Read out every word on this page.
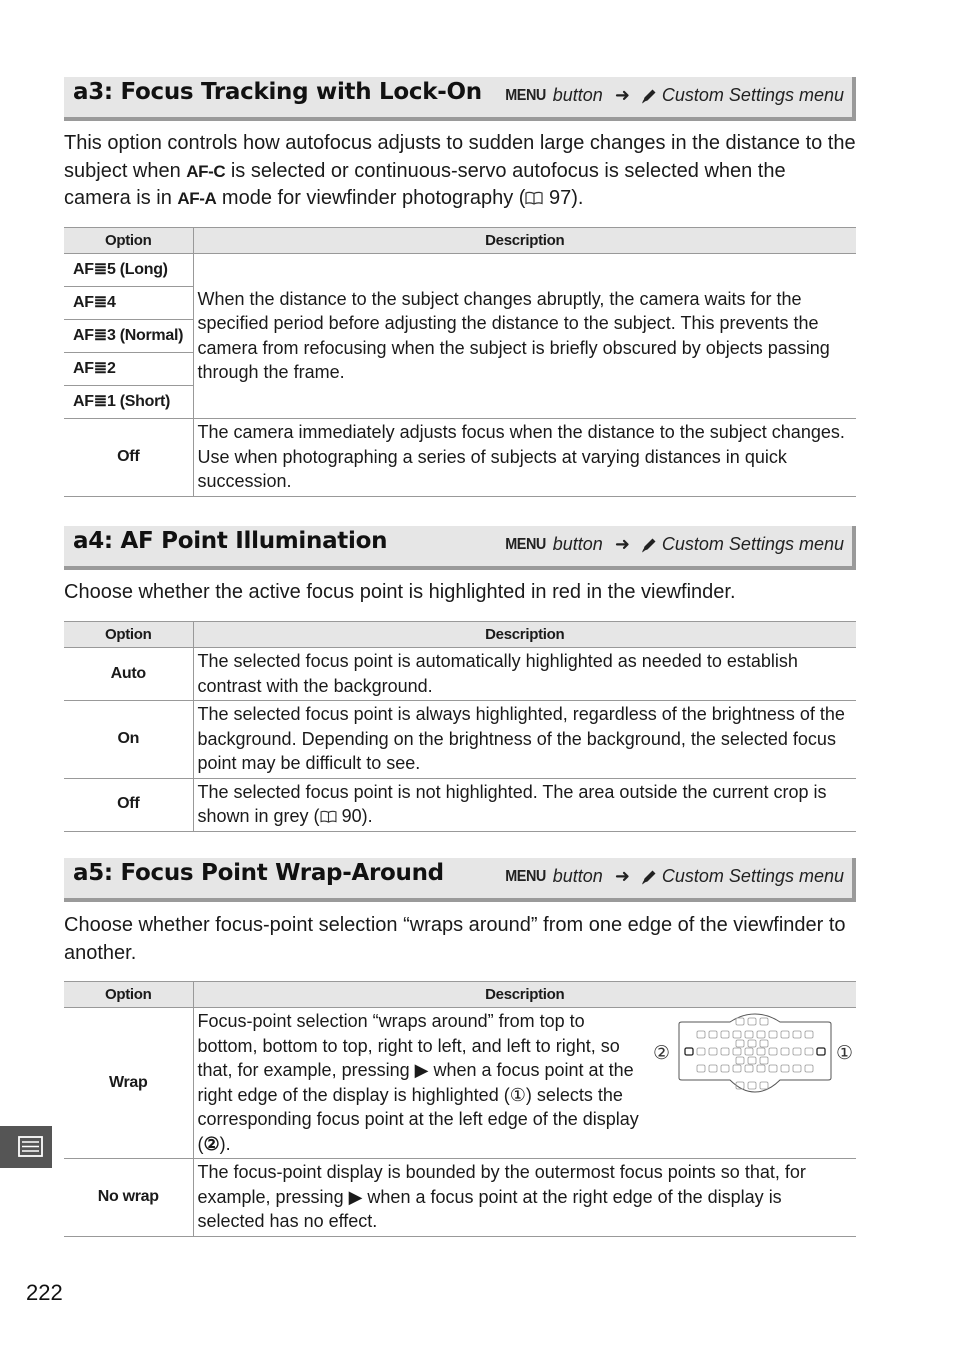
a3: Focus Tracking with Lock-On MENU
button ➜ Custom Settings menu
This option controls how autofocus adjusts to sudden large changes in the distance to the subject when AF-C is selected or continuous-servo autofocus is selected when the camera is in AF-A mode for viewfinder photography ( 97).
Option	Description
AF≣5 (Long)	When the distance to the subject changes abruptly, the camera waits for the specified period before adjusting the distance to the subject. This prevents the camera from refocusing when the subject is briefly obscured by objects passing through the frame.
AF≣4	
AF≣3 (Normal)	
AF≣2	
AF≣1 (Short)	
Off	The camera immediately adjusts focus when the distance to the subject changes. Use when photographing a series of subjects at varying distances in quick succession.
a4: AF Point Illumination	MENU
button ➜ Custom Settings menu
Choose whether the active focus point is highlighted in red in the viewfinder.
Option	Description
Auto	The selected focus point is automatically highlighted as needed to establish contrast with the background.
On	The selected focus point is always highlighted, regardless of the brightness of the background. Depending on the brightness of the background, the selected focus point may be difficult to see.
Off	The selected focus point is not highlighted. The area outside the current crop is shown in grey ( 90).
a5: Focus Point Wrap-Around	MENU
button ➜ Custom Settings menu
Choose whether focus-point selection “wraps around” from one edge of the viewfinder to another.
Option	Description
Wrap	Focus-point selection “wraps around” from top to bottom, bottom to top, right to left, and left to right, so that, for example, pressing ▶ when a focus point at the right edge of the display is highlighted (①) selects the corresponding focus point at the left edge of the display (②).

No wrap	The focus-point display is bounded by the outermost focus points so that, for example, pressing ▶ when a focus point at the right edge of the display is selected has no effect.
②	①
222
